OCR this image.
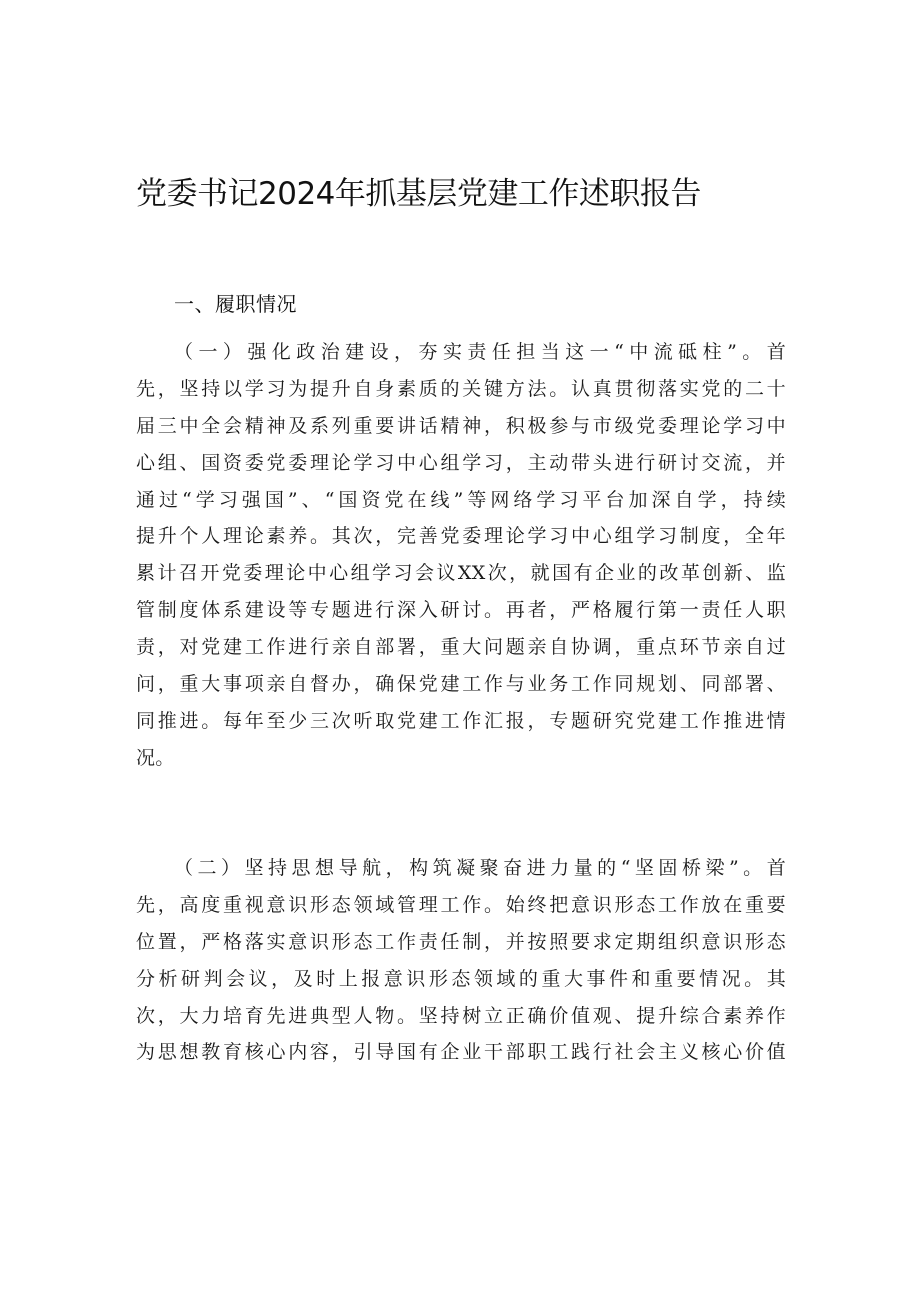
党委书记2024年抓基层党建工作述职报告
一、履职情况
（一）强化政治建设，夯实责任担当这一“中流砥柱”。首
先，坚持以学习为提升自身素质的关键方法。认真贯彻落实党的二十
届三中全会精神及系列重要讲话精神，积极参与市级党委理论学习中
心组、国资委党委理论学习中心组学习，主动带头进行研讨交流，并
通过“学习强国”、“国资党在线”等网络学习平台加深自学，持续
提升个人理论素养。其次，完善党委理论学习中心组学习制度，全年
累计召开党委理论中心组学习会议XX次，就国有企业的改革创新、监
管制度体系建设等专题进行深入研讨。再者，严格履行第一责任人职
责，对党建工作进行亲自部署，重大问题亲自协调，重点环节亲自过
问，重大事项亲自督办，确保党建工作与业务工作同规划、同部署、
同推进。每年至少三次听取党建工作汇报，专题研究党建工作推进情
况。
（二）坚持思想导航，构筑凝聚奋进力量的“坚固桥梁”。首
先，高度重视意识形态领域管理工作。始终把意识形态工作放在重要
位置，严格落实意识形态工作责任制，并按照要求定期组织意识形态
分析研判会议，及时上报意识形态领域的重大事件和重要情况。其
次，大力培育先进典型人物。坚持树立正确价值观、提升综合素养作
为思想教育核心内容，引导国有企业干部职工践行社会主义核心价值
